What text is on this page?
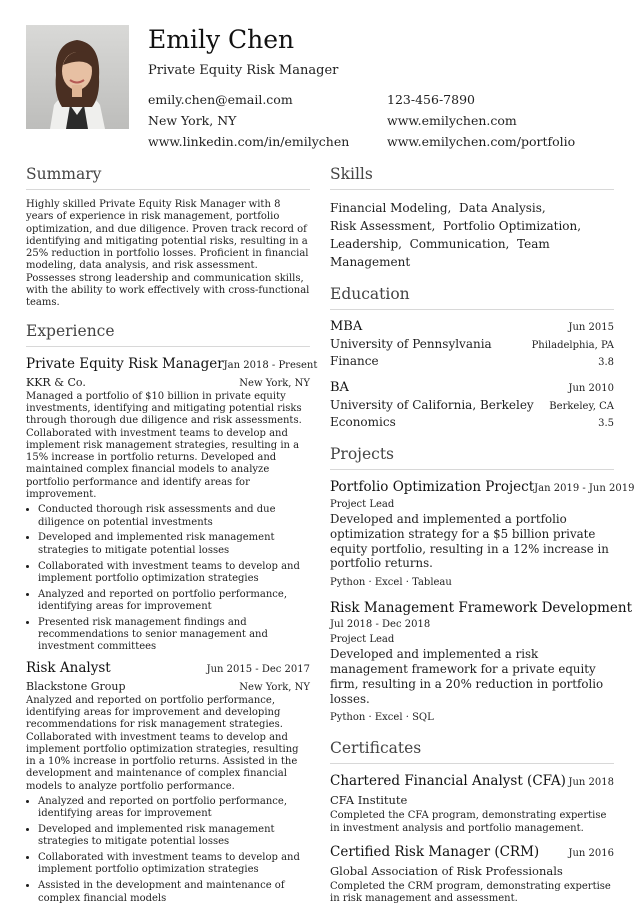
Emily Chen
Private Equity Risk Manager
emily.chen@email.com	123-456-7890
New York, NY	www.emilychen.com
www.linkedin.com/in/emilychen	www.emilychen.com/portfolio
Summary

Highly skilled Private Equity Risk Manager with 8 years of experience in risk management, portfolio optimization, and due diligence. Proven track record of identifying and mitigating potential risks, resulting in a 25% reduction in portfolio losses. Proficient in financial modeling, data analysis, and risk assessment. Possesses strong leadership and communication skills, with the ability to work effectively with cross-functional teams.

Experience
Private Equity Risk Manager Jan 2018 - Present
KKR & Co.	New York, NY

Managed a portfolio of $10 billion in private equity investments, identifying and mitigating potential risks through thorough due diligence and risk assessments. Collaborated with investment teams to develop and implement risk management strategies, resulting in a 15% increase in portfolio returns. Developed and maintained complex financial models to analyze portfolio performance and identify areas for improvement.

• Conducted thorough risk assessments and due diligence on potential investments
• Developed and implemented risk management strategies to mitigate potential losses
• Collaborated with investment teams to develop and implement portfolio optimization strategies
• Analyzed and reported on portfolio performance, identifying areas for improvement
• Presented risk management findings and recommendations to senior management and investment committees
Risk Analyst	Jun 2015 - Dec 2017
Blackstone Group	New York, NY

Analyzed and reported on portfolio performance, identifying areas for improvement and developing recommendations for risk management strategies. Collaborated with investment teams to develop and implement portfolio optimization strategies, resulting in a 10% increase in portfolio returns. Assisted in the development and maintenance of complex financial models to analyze portfolio performance.

• Analyzed and reported on portfolio performance, identifying areas for improvement
• Developed and implemented risk management strategies to mitigate potential losses
• Collaborated with investment teams to develop and implement portfolio optimization strategies
• Assisted in the development and maintenance of complex financial models
Skills
Financial Modeling, Data Analysis,
Risk Assessment, Portfolio Optimization,
Leadership, Communication, Team Management
Education
MBA	Jun 2015
University of Pennsylvania	Philadelphia, PA
Finance	3.8
BA	Jun 2010
University of California, Berkeley Berkeley, CA
Economics	3.5
Projects
Portfolio Optimization Project Jan 2019 - Jun 2019
Project Lead

Developed and implemented a portfolio optimization strategy for a $5 billion private equity portfolio, resulting in a 12% increase in portfolio returns.

Python · Excel · Tableau
Risk Management Framework Development
Jul 2018 - Dec 2018
Project Lead

Developed and implemented a risk management framework for a private equity firm, resulting in a 20% reduction in portfolio losses.

Python · Excel · SQL
Certificates
Chartered Financial Analyst (CFA) Jun 2018
CFA Institute

Completed the CFA program, demonstrating expertise in investment analysis and portfolio management.

Certified Risk Manager (CRM)	Jun 2016
Global Association of Risk Professionals

Completed the CRM program, demonstrating expertise in risk management and assessment.
